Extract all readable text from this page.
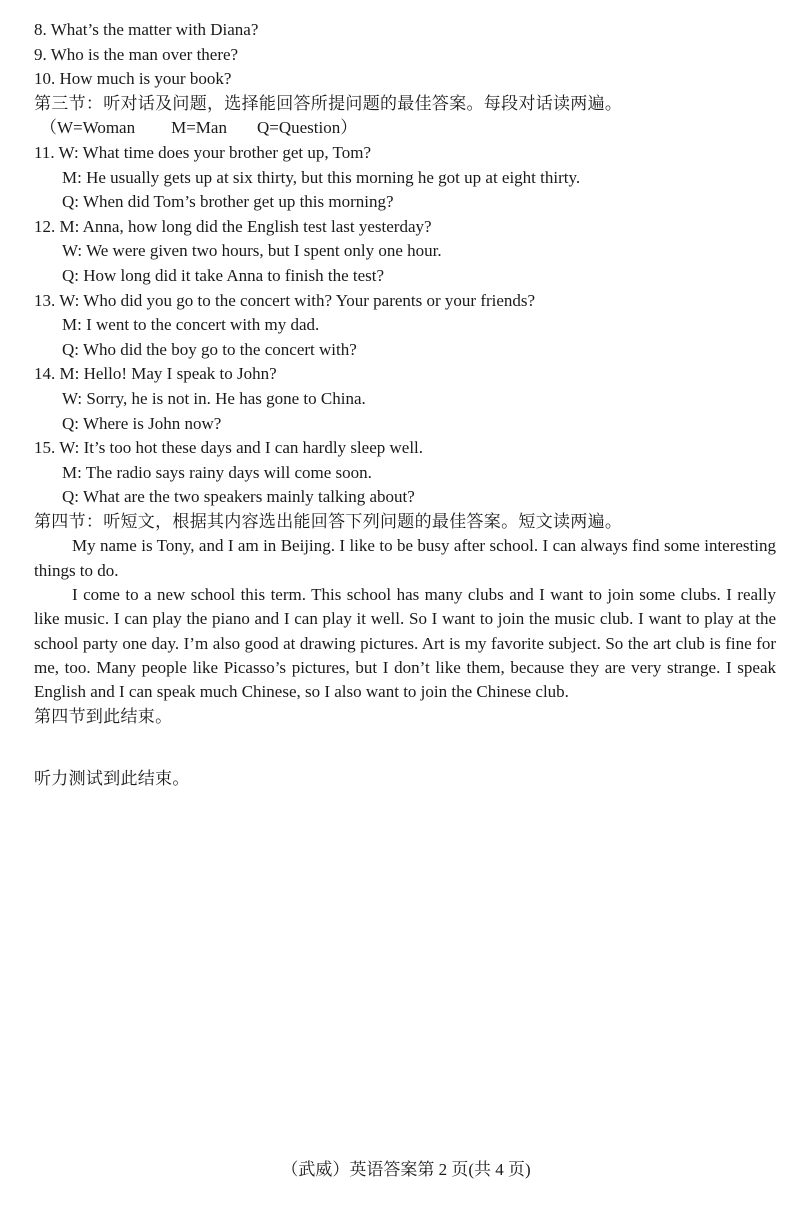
8. What’s the matter with Diana?
9. Who is the man over there?
10. How much is your book?
第三节：听对话及问题，选择能回答所提问题的最佳答案。每段对话读两遍。
（W=Woman M=Man Q=Question）
11. W: What time does your brother get up, Tom?
M: He usually gets up at six thirty, but this morning he got up at eight thirty.
Q: When did Tom’s brother get up this morning?
12. M: Anna, how long did the English test last yesterday?
W: We were given two hours, but I spent only one hour.
Q: How long did it take Anna to finish the test?
13. W: Who did you go to the concert with? Your parents or your friends?
M: I went to the concert with my dad.
Q: Who did the boy go to the concert with?
14. M: Hello! May I speak to John?
W: Sorry, he is not in. He has gone to China.
Q: Where is John now?
15. W: It’s too hot these days and I can hardly sleep well.
M: The radio says rainy days will come soon.
Q: What are the two speakers mainly talking about?
第四节：听短文，根据其内容选出能回答下列问题的最佳答案。短文读两遍。

My name is Tony, and I am in Beijing. I like to be busy after school. I can always find some interesting things to do.

I come to a new school this term. This school has many clubs and I want to join some clubs. I really like music. I can play the piano and I can play it well. So I want to join the music club. I want to play at the school party one day. I’m also good at drawing pictures. Art is my favorite subject. So the art club is fine for me, too. Many people like Picasso’s pictures, but I don’t like them, because they are very strange. I speak English and I can speak much Chinese, so I also want to join the Chinese club.

第四节到此结束。
听力测试到此结束。
（武威）英语答案第 2 页(共 4 页)
